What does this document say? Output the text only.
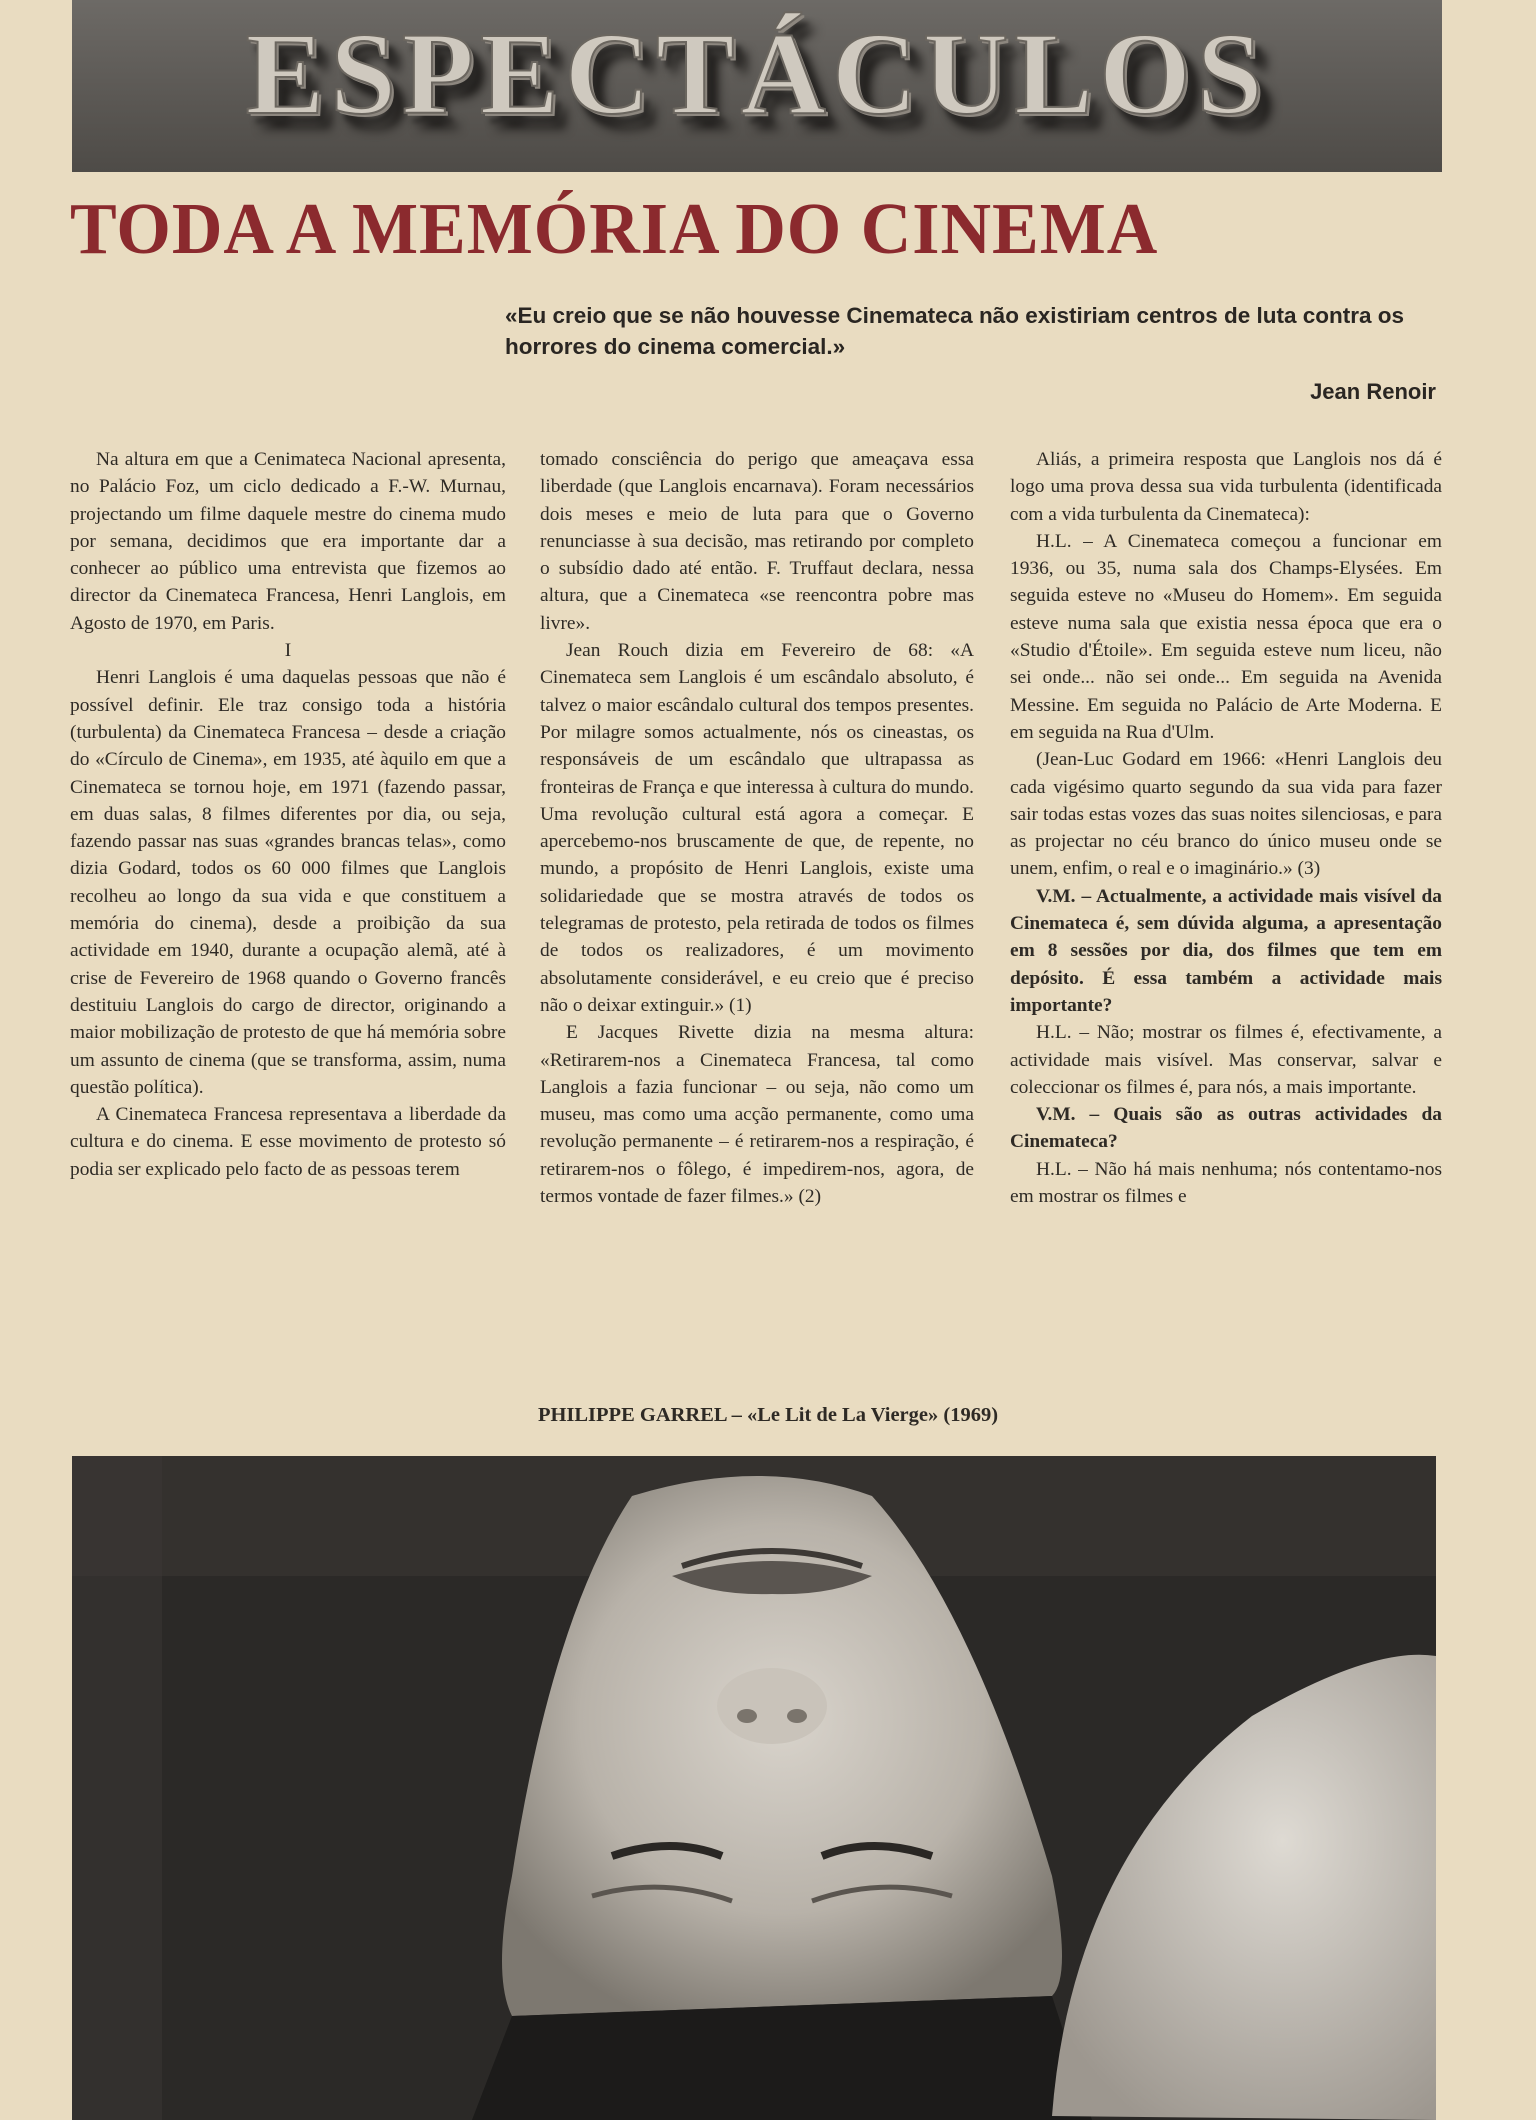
ESPECTÁCULOS
TODA A MEMÓRIA DO CINEMA
«Eu creio que se não houvesse Cinemateca não existiriam centros de luta contra os horrores do cinema comercial.»
Jean Renoir

Na altura em que a Cenimateca Nacional apresenta, no Palácio Foz, um ciclo dedicado a F.-W. Murnau, projectando um filme daquele mestre do cinema mudo por semana, decidimos que era importante dar a conhecer ao público uma entrevista que fizemos ao director da Cinemateca Francesa, Henri Langlois, em Agosto de 1970, em Paris.

I

Henri Langlois é uma daquelas pessoas que não é possível definir. Ele traz consigo toda a história (turbulenta) da Cinemateca Francesa – desde a criação do «Círculo de Cinema», em 1935, até àquilo em que a Cinemateca se tornou hoje, em 1971 (fazendo passar, em duas salas, 8 filmes diferentes por dia, ou seja, fazendo passar nas suas «grandes brancas telas», como dizia Godard, todos os 60 000 filmes que Langlois recolheu ao longo da sua vida e que constituem a memória do cinema), desde a proibição da sua actividade em 1940, durante a ocupação alemã, até à crise de Fevereiro de 1968 quando o Governo francês destituiu Langlois do cargo de director, originando a maior mobilização de protesto de que há memória sobre um assunto de cinema (que se transforma, assim, numa questão política).

A Cinemateca Francesa representava a liberdade da cultura e do cinema. E esse movimento de protesto só podia ser explicado pelo facto de as pessoas terem

tomado consciência do perigo que ameaçava essa liberdade (que Langlois encarnava). Foram necessários dois meses e meio de luta para que o Governo renunciasse à sua decisão, mas retirando por completo o subsídio dado até então. F. Truffaut declara, nessa altura, que a Cinemateca «se reencontra pobre mas livre».

Jean Rouch dizia em Fevereiro de 68: «A Cinemateca sem Langlois é um escândalo absoluto, é talvez o maior escândalo cultural dos tempos presentes. Por milagre somos actualmente, nós os cineastas, os responsáveis de um escândalo que ultrapassa as fronteiras de França e que interessa à cultura do mundo. Uma revolução cultural está agora a começar. E apercebemo-nos bruscamente de que, de repente, no mundo, a propósito de Henri Langlois, existe uma solidariedade que se mostra através de todos os telegramas de protesto, pela retirada de todos os filmes de todos os realizadores, é um movimento absolutamente considerável, e eu creio que é preciso não o deixar extinguir.» (1)

E Jacques Rivette dizia na mesma altura: «Retirarem-nos a Cinemateca Francesa, tal como Langlois a fazia funcionar – ou seja, não como um museu, mas como uma acção permanente, como uma revolução permanente – é retirarem-nos a respiração, é retirarem-nos o fôlego, é impedirem-nos, agora, de termos vontade de fazer filmes.» (2)

Aliás, a primeira resposta que Langlois nos dá é logo uma prova dessa sua vida turbulenta (identificada com a vida turbulenta da Cinemateca):

H.L. – A Cinemateca começou a funcionar em 1936, ou 35, numa sala dos Champs-Elysées. Em seguida esteve no «Museu do Homem». Em seguida esteve numa sala que existia nessa época que era o «Studio d'Étoile». Em seguida esteve num liceu, não sei onde... não sei onde... Em seguida na Avenida Messine. Em seguida no Palácio de Arte Moderna. E em seguida na Rua d'Ulm.

(Jean-Luc Godard em 1966: «Henri Langlois deu cada vigésimo quarto segundo da sua vida para fazer sair todas estas vozes das suas noites silenciosas, e para as projectar no céu branco do único museu onde se unem, enfim, o real e o imaginário.» (3)

V.M. – Actualmente, a actividade mais visível da Cinemateca é, sem dúvida alguma, a apresentação em 8 sessões por dia, dos filmes que tem em depósito. É essa também a actividade mais importante?

H.L. – Não; mostrar os filmes é, efectivamente, a actividade mais visível. Mas conservar, salvar e coleccionar os filmes é, para nós, a mais importante.

V.M. – Quais são as outras actividades da Cinemateca?

H.L. – Não há mais nenhuma; nós contentamo-nos em mostrar os filmes e

PHILIPPE GARREL – «Le Lit de La Vierge» (1969)
